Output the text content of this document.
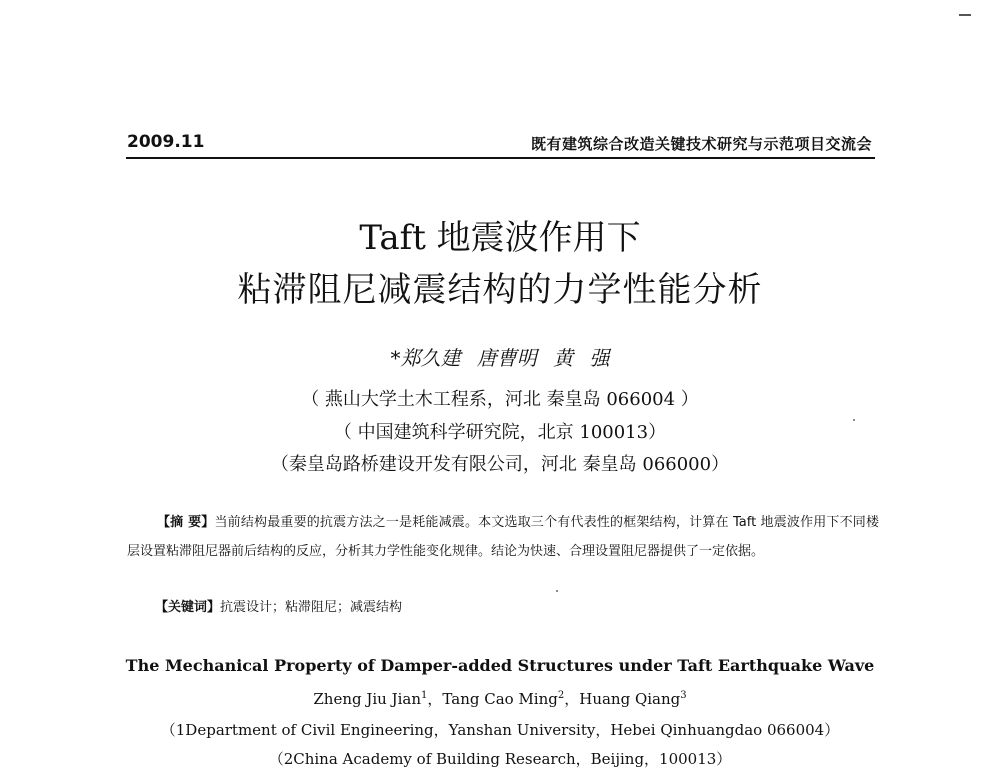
2009.11	既有建筑综合改造关键技术研究与示范项目交流会
Taft 地震波作用下
粘滞阻尼减震结构的力学性能分析
*郑久建 唐曹明 黄 强
（ 燕山大学土木工程系，河北 秦皇岛 066004 ）
（ 中国建筑科学研究院，北京 100013）
（秦皇岛路桥建设开发有限公司，河北 秦皇岛 066000）

【摘 要】当前结构最重要的抗震方法之一是耗能减震。本文选取三个有代表性的框架结构，计算在 Taft 地震波作用下不同楼层设置粘滞阻尼器前后结构的反应，分析其力学性能变化规律。结论为快速、合理设置阻尼器提供了一定依据。

【关键词】抗震设计；粘滞阻尼；减震结构

The Mechanical Property of Damper-added Structures under Taft Earthquake Wave
Zheng Jiu Jian$^1$，Tang Cao Ming$^2$，Huang Qiang$^3$
（1Department of Civil Engineering，Yanshan University，Hebei Qinhuangdao 066004）
（2China Academy of Building Research，Beijing，100013）
